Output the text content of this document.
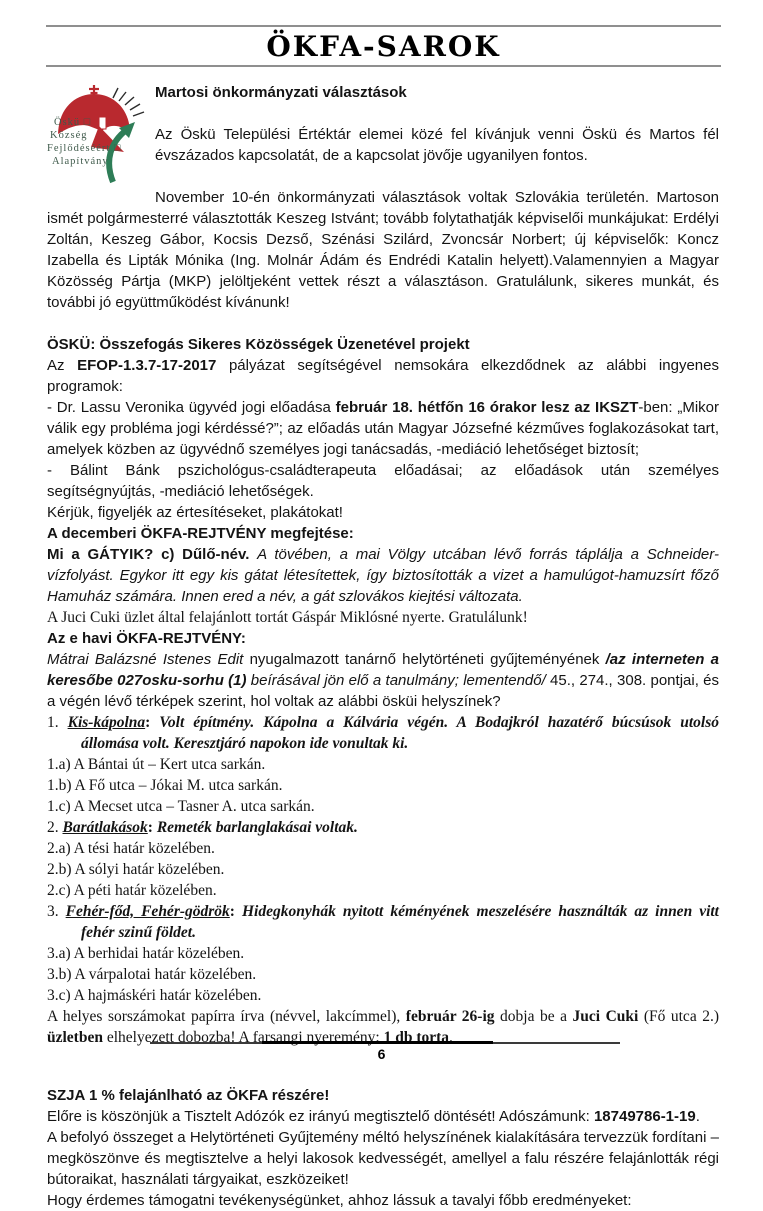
ÖKFA-SAROK
Öskü □
Község
Fejlődéséért □
Alapítvány

Martosi önkormányzati választások

Az Öskü Települési Értéktár elemei közé fel kívánjuk venni Öskü és Martos fél évszázados kapcsolatát, de a kapcsolat jövője ugyanilyen fontos.

November 10-én önkormányzati választások voltak Szlovákia területén. Martoson ismét polgármesterré választották Keszeg Istvánt; tovább folytathatják képviselői munkájukat: Erdélyi Zoltán, Keszeg Gábor, Kocsis Dezső, Szénási Szilárd, Zvoncsár Norbert; új képviselők: Koncz Izabella és Lipták Mónika (Ing. Molnár Ádám és Endrédi Katalin helyett).Valamennyien a Magyar Közösség Pártja (MKP) jelöltjeként vettek részt a választáson. Gratulálunk, sikeres munkát, és további jó együttműködést kívánunk!

ÖSKÜ: Összefogás Sikeres Közösségek Üzenetével projekt

Az EFOP-1.3.7-17-2017 pályázat segítségével nemsokára elkezdődnek az alábbi ingyenes programok:

- Dr. Lassu Veronika ügyvéd jogi előadása február 18. hétfőn 16 órakor lesz az IKSZT-ben: „Mikor válik egy probléma jogi kérdéssé?”; az előadás után Magyar Józsefné kézműves foglakozásokat tart, amelyek közben az ügyvédnő személyes jogi tanácsadás, -mediáció lehetőséget biztosít;

- Bálint Bánk pszichológus-családterapeuta előadásai; az előadások után személyes segítségnyújtás, -mediáció lehetőségek.

Kérjük, figyeljék az értesítéseket, plakátokat!

A decemberi ÖKFA-REJTVÉNY megfejtése:

Mi a GÁTYIK? c) Dűlő-név. A tövében, a mai Völgy utcában lévő forrás táplálja a Schneider-vízfolyást. Egykor itt egy kis gátat létesítettek, így biztosították a vizet a hamulúgot-hamuzsírt főző Hamuház számára. Innen ered a név, a gát szlovákos kiejtési változata.

A Juci Cuki üzlet által felajánlott tortát Gáspár Miklósné nyerte. Gratulálunk!

Az e havi ÖKFA-REJTVÉNY:

Mátrai Balázsné Istenes Edit nyugalmazott tanárnő helytörténeti gyűjteményének /az interneten a keresőbe 027osku-sorhu (1) beírásával jön elő a tanulmány; lementendő/ 45., 274., 308. pontjai, és a végén lévő térképek szerint, hol voltak az alábbi ösküi helyszínek?

1. Kis-kápolna: Volt építmény. Kápolna a Kálvária végén. A Bodajkról hazatérő búcsúsok utolsó állomása volt. Keresztjáró napokon ide vonultak ki.

1.a) A Bántai út – Kert utca sarkán.

1.b) A Fő utca – Jókai M. utca sarkán.

1.c) A Mecset utca – Tasner A. utca sarkán.

2. Barátlakások: Remeték barlanglakásai voltak.

2.a) A tési határ közelében.

2.b) A sólyi határ közelében.

2.c) A péti határ közelében.

3. Fehér-főd, Fehér-gödrök: Hidegkonyhák nyitott kéményének meszelésére használták az innen vitt fehér szinű földet.

3.a) A berhidai határ közelében.

3.b) A várpalotai határ közelében.

3.c) A hajmáskéri határ közelében.

A helyes sorszámokat papírra írva (névvel, lakcímmel), február 26-ig dobja be a Juci Cuki (Fő utca 2.) üzletben elhelyezett dobozba! A farsangi nyeremény: 1 db torta.

SZJA 1 % felajánlható az ÖKFA részére!

Előre is köszönjük a Tisztelt Adózók ez irányú megtisztelő döntését! Adószámunk: 18749786-1-19.

A befolyó összeget a Helytörténeti Gyűjtemény méltó helyszínének kialakítására tervezzük fordítani – megköszönve és megtisztelve a helyi lakosok kedvességét, amellyel a falu részére felajánlották régi bútoraikat, használati tárgyaikat, eszközeiket!

Hogy érdemes támogatni tevékenységünket, ahhoz lássuk a tavalyi főbb eredményeket:

6
